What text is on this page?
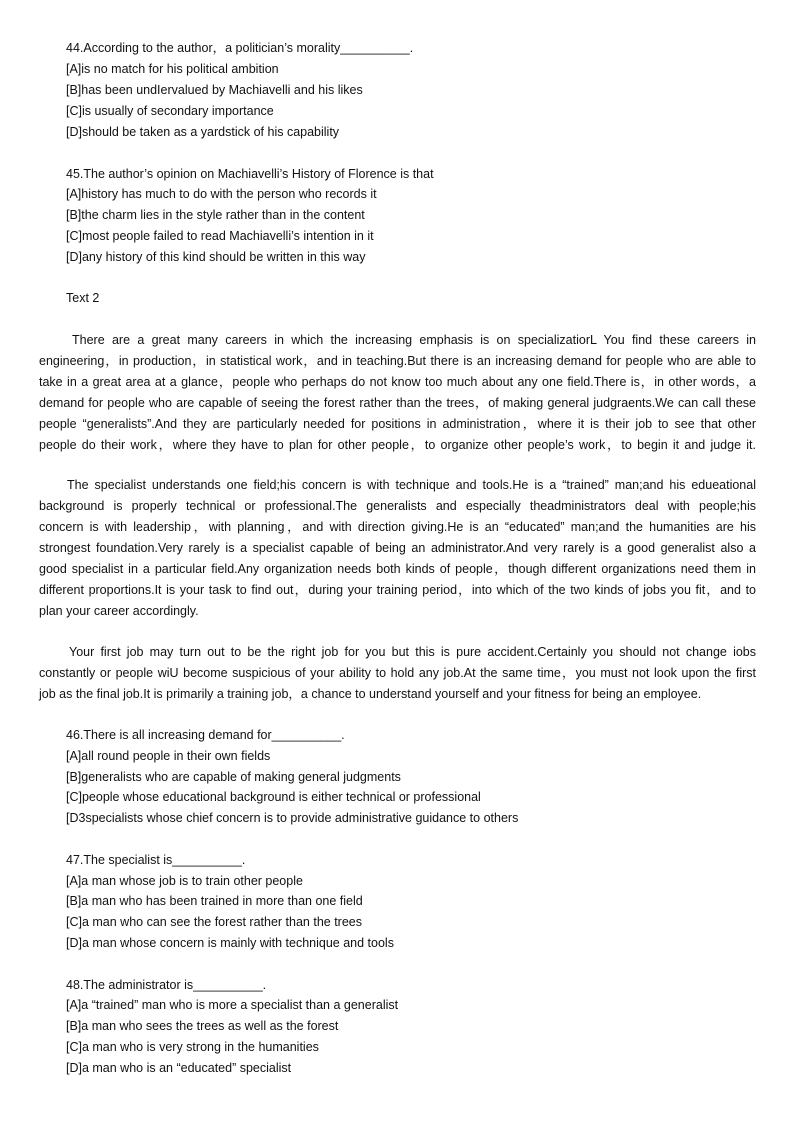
44.According to the author，a politician’s morality__________.
[A]is no match for his political ambition
[B]has been undIervalued by Machiavelli and his likes
[C]is usually of secondary importance
[D]should be taken as a yardstick of his capability
45.The author’s opinion on Machiavelli’s History of Florence is that
[A]history has much to do with the person who records it
[B]the charm lies in the style rather than in the content
[C]most people failed to read Machiavelli’s intention in it
[D]any history of this kind should be written in this way
Text 2
There are a great many careers in which the increasing emphasis is on specializatiorL You find these careers in
engineering，in production，in statistical work，and in teaching.But there is an increasing demand for people who are able to
take in a great area at a glance，people who perhaps do not know too much about any one field.There is，in other words，a
demand for people who are capable of seeing the forest rather than the trees，of making general judgraents.We can call these
people “generalists”.And they are particularly needed for positions in administration，where it is their job to see that other
people do their work，where they have to plan for other people，to organize other people’s work，to begin it and judge it.
The specialist understands one field;his concern is with technique and tools.He is a “trained” man;and his edueational
background is properly technical or professional.The generalists and especially theadministrators deal with people;his
concern is with leadership，with planning，and with direction giving.He is an “educated” man;and the humanities are his
strongest foundation.Very rarely is a specialist capable of being an administrator.And very rarely is a good generalist also a
good specialist in a particular field.Any organization needs both kinds of people，though different organizations need them in
different proportions.It is your task to find out，during your training period，into which of the two kinds of jobs you fit，and to
plan your career accordingly.
Your first job may turn out to be the right job for you but this is pure accident.Certainly you should not change iobs
constantly or people wiU become suspicious of your ability to hold any job.At the same time，you must not look upon the first
job as the final job.It is primarily a training job，a chance to understand yourself and your fitness for being an employee.
46.There is all increasing demand for__________.
[A]all round people in their own fields
[B]generalists who are capable of making general judgments
[C]people whose educational background is either technical or professional
[D3specialists whose chief concern is to provide administrative guidance to others
47.The specialist is__________.
[A]a man whose job is to train other people
[B]a man who has been trained in more than one field
[C]a man who can see the forest rather than the trees
[D]a man whose concern is mainly with technique and tools
48.The administrator is__________.
[A]a “trained” man who is more a specialist than a generalist
[B]a man who sees the trees as well as the forest
[C]a man who is very strong in the humanities
[D]a man who is an “educated” specialist
